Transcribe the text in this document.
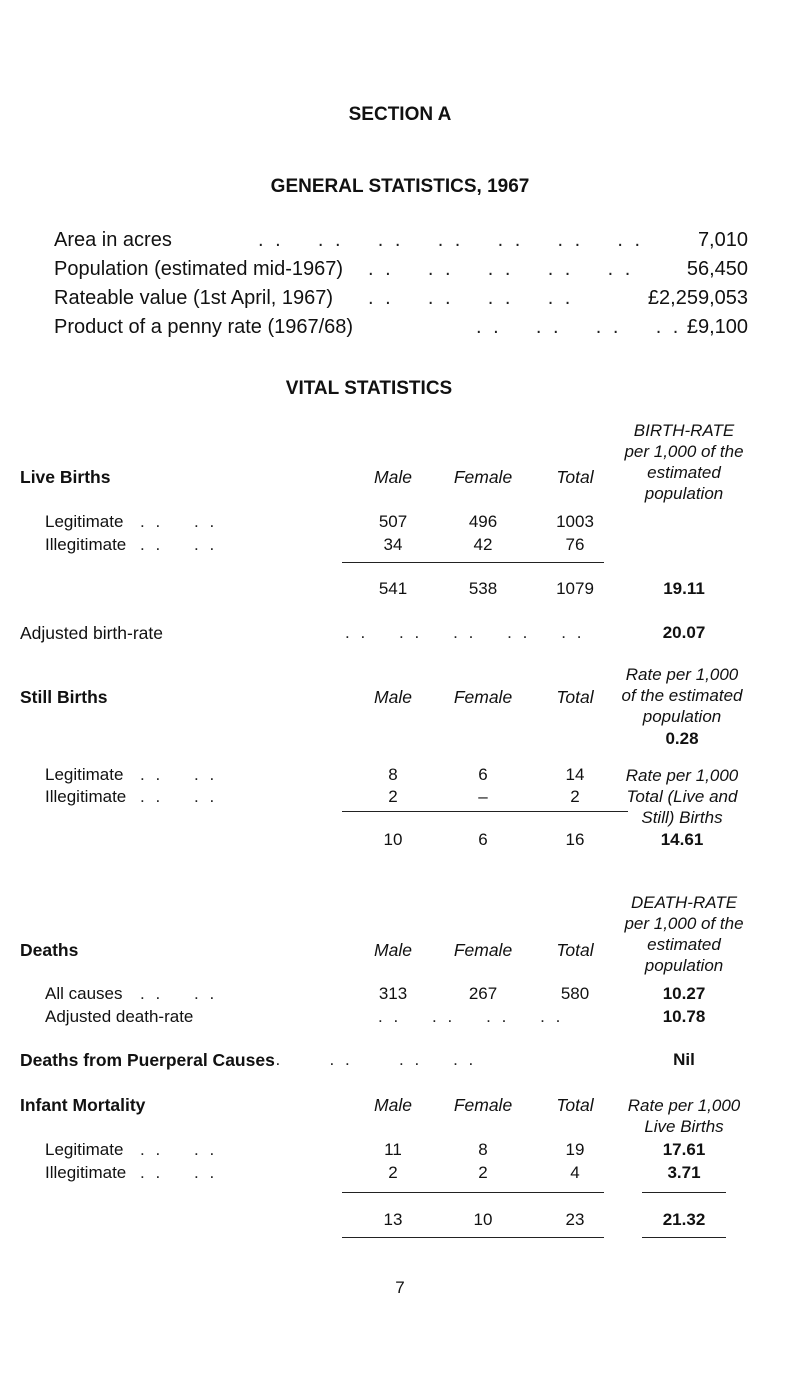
SECTION A
GENERAL STATISTICS, 1967
Area in acres	. .    . .    . .    . .    . .    . .    . .	7,010
Population (estimated mid-1967) . .    . .    . .    . .    . .	56,450
Rateable value (1st April, 1967) . .    . .    . .    . .	£2,259,053
Product of a penny rate (1967/68)	. .    . .    . .    . . £9,100
VITAL STATISTICS
Live Births	Male Female	Total
BIRTH-RATE
per 1,000 of the
estimated
population
Legitimate . .    . .	507	496	1003
Illegitimate . .    . .	34	42	76
541	538	1079	19.11
Adjusted birth-rate	. .    . .    . .    . .    . .	20.07
Still Births	Male Female	Total
Rate per 1,000
of the estimated
population
0.28
Legitimate . .    . .	8	6	14
Illegitimate . .    . .	2	–	2
Rate per 1,000
Total (Live and
Still) Births
10	6	16	14.61
Deaths	Male Female	Total
DEATH-RATE
per 1,000 of the
estimated
population
All causes . .    . .	313	267	580	10.27
Adjusted death-rate	. .    . .    . .    . .	10.78
Deaths from Puerperal Causes
. .      . .      . .    . .	Nil
Infant Mortality	Male Female	Total Rate per 1,000
Live Births
Legitimate . .    . .	11	8	19	17.61
Illegitimate . .    . .	2	2	4	3.71
13	10	23	21.32
7
